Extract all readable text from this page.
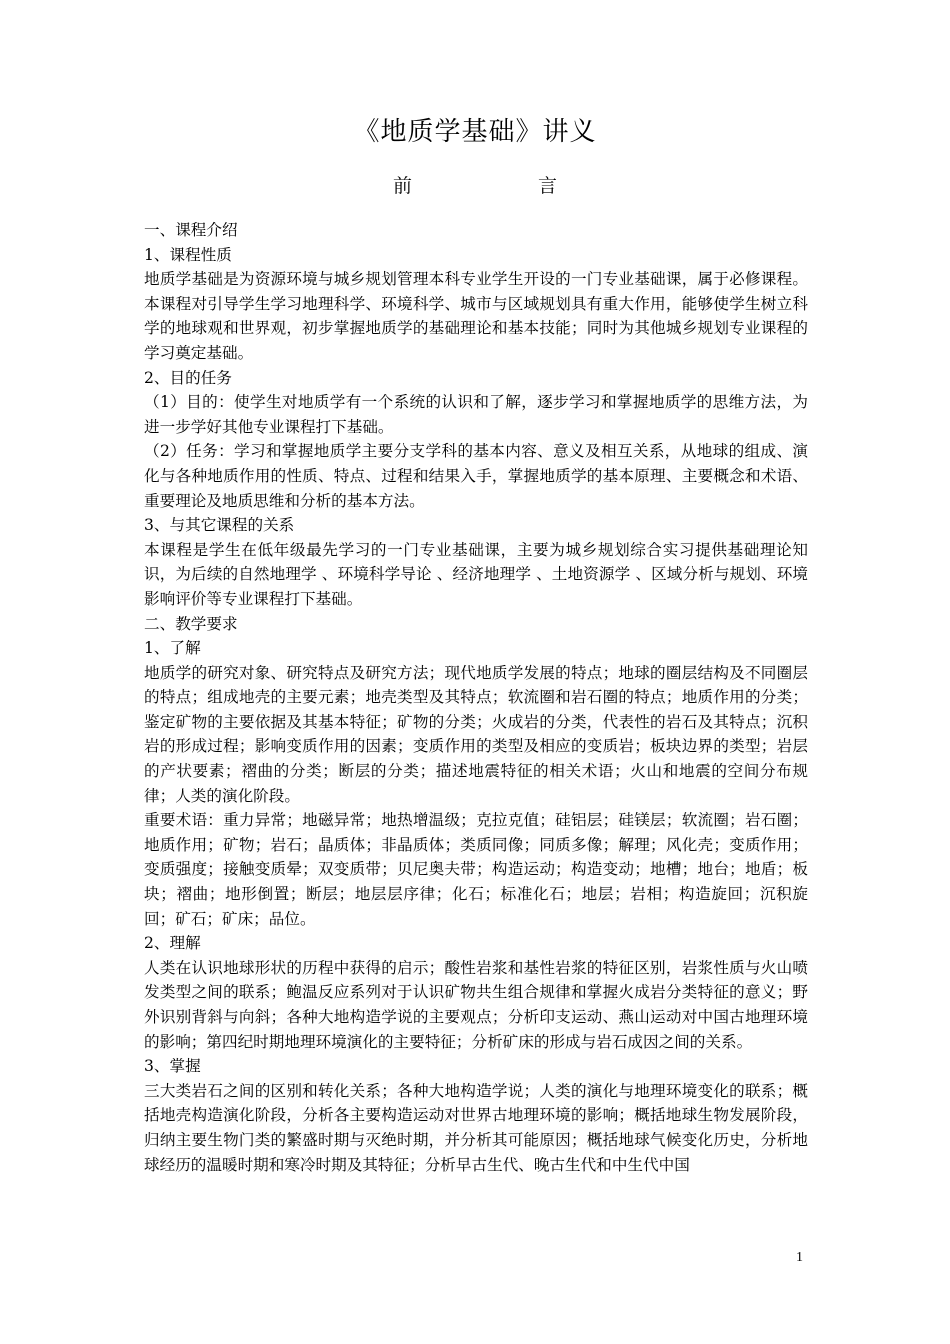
《地质学基础》讲义
前 言

一、课程介绍

1、课程性质

地质学基础是为资源环境与城乡规划管理本科专业学生开设的一门专业基础课，属于必修课程。本课程对引导学生学习地理科学、环境科学、城市与区域规划具有重大作用，能够使学生树立科学的地球观和世界观，初步掌握地质学的基础理论和基本技能；同时为其他城乡规划专业课程的学习奠定基础。

2、目的任务

（1）目的：使学生对地质学有一个系统的认识和了解，逐步学习和掌握地质学的思维方法，为进一步学好其他专业课程打下基础。

（2）任务：学习和掌握地质学主要分支学科的基本内容、意义及相互关系，从地球的组成、演化与各种地质作用的性质、特点、过程和结果入手，掌握地质学的基本原理、主要概念和术语、重要理论及地质思维和分析的基本方法。

3、与其它课程的关系

本课程是学生在低年级最先学习的一门专业基础课，主要为城乡规划综合实习提供基础理论知识，为后续的自然地理学 、环境科学导论 、经济地理学 、土地资源学 、区域分析与规划、环境影响评价等专业课程打下基础。

二、教学要求

1、了解

地质学的研究对象、研究特点及研究方法；现代地质学发展的特点；地球的圈层结构及不同圈层的特点；组成地壳的主要元素；地壳类型及其特点；软流圈和岩石圈的特点；地质作用的分类；鉴定矿物的主要依据及其基本特征；矿物的分类；火成岩的分类，代表性的岩石及其特点；沉积岩的形成过程；影响变质作用的因素；变质作用的类型及相应的变质岩；板块边界的类型；岩层的产状要素；褶曲的分类；断层的分类；描述地震特征的相关术语；火山和地震的空间分布规律；人类的演化阶段。

重要术语：重力异常；地磁异常；地热增温级；克拉克值；硅铝层；硅镁层；软流圈；岩石圈；地质作用；矿物；岩石；晶质体；非晶质体；类质同像；同质多像；解理；风化壳；变质作用；变质强度；接触变质晕；双变质带；贝尼奥夫带；构造运动；构造变动；地槽；地台；地盾；板块；褶曲；地形倒置；断层；地层层序律；化石；标准化石；地层；岩相；构造旋回；沉积旋回；矿石；矿床；品位。

2、理解

人类在认识地球形状的历程中获得的启示；酸性岩浆和基性岩浆的特征区别，岩浆性质与火山喷发类型之间的联系；鲍温反应系列对于认识矿物共生组合规律和掌握火成岩分类特征的意义；野外识别背斜与向斜；各种大地构造学说的主要观点；分析印支运动、燕山运动对中国古地理环境的影响；第四纪时期地理环境演化的主要特征；分析矿床的形成与岩石成因之间的关系。

3、掌握

三大类岩石之间的区别和转化关系；各种大地构造学说；人类的演化与地理环境变化的联系；概括地壳构造演化阶段，分析各主要构造运动对世界古地理环境的影响；概括地球生物发展阶段，归纳主要生物门类的繁盛时期与灭绝时期，并分析其可能原因；概括地球气候变化历史，分析地球经历的温暖时期和寒冷时期及其特征；分析早古生代、晚古生代和中生代中国

1
